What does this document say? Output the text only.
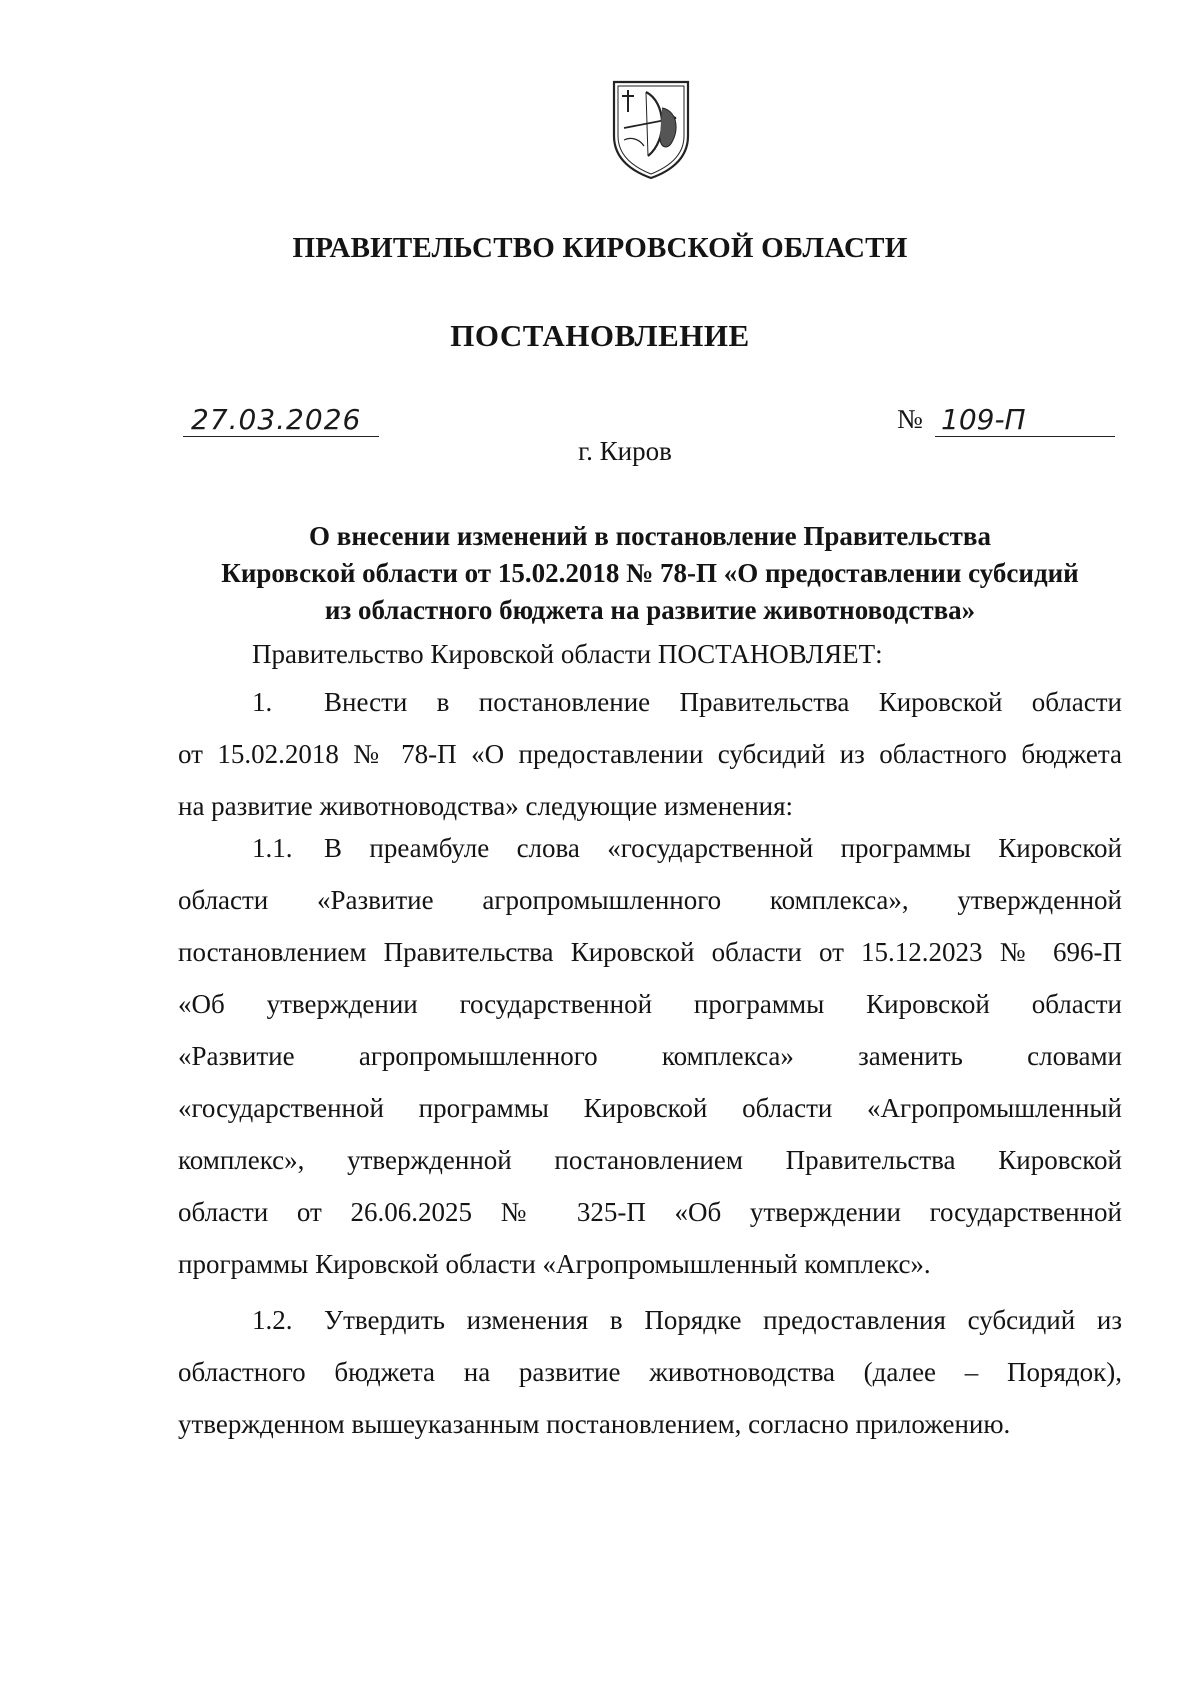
ПРАВИТЕЛЬСТВО КИРОВСКОЙ ОБЛАСТИ
ПОСТАНОВЛЕНИЕ
27.03.2026	№ 109-П
г. Киров
О внесении изменений в постановление Правительства
Кировской области от 15.02.2018 № 78-П «О предоставлении субсидий
из областного бюджета на развитие животноводства»
Правительство Кировской области ПОСТАНОВЛЯЕТ:
1. Внести в постановление Правительства Кировской области
от 15.02.2018 № 78-П «О предоставлении субсидий из областного бюджета
на развитие животноводства» следующие изменения:
1.1. В преамбуле слова «государственной программы Кировской
области «Развитие агропромышленного комплекса», утвержденной
постановлением Правительства Кировской области от 15.12.2023 № 696-П
«Об утверждении государственной программы Кировской области
«Развитие агропромышленного комплекса» заменить словами
«государственной программы Кировской области «Агропромышленный
комплекс», утвержденной постановлением Правительства Кировской
области от 26.06.2025 № 325-П «Об утверждении государственной
программы Кировской области «Агропромышленный комплекс».
1.2. Утвердить изменения в Порядке предоставления субсидий из
областного бюджета на развитие животноводства (далее – Порядок),
утвержденном вышеуказанным постановлением, согласно приложению.
